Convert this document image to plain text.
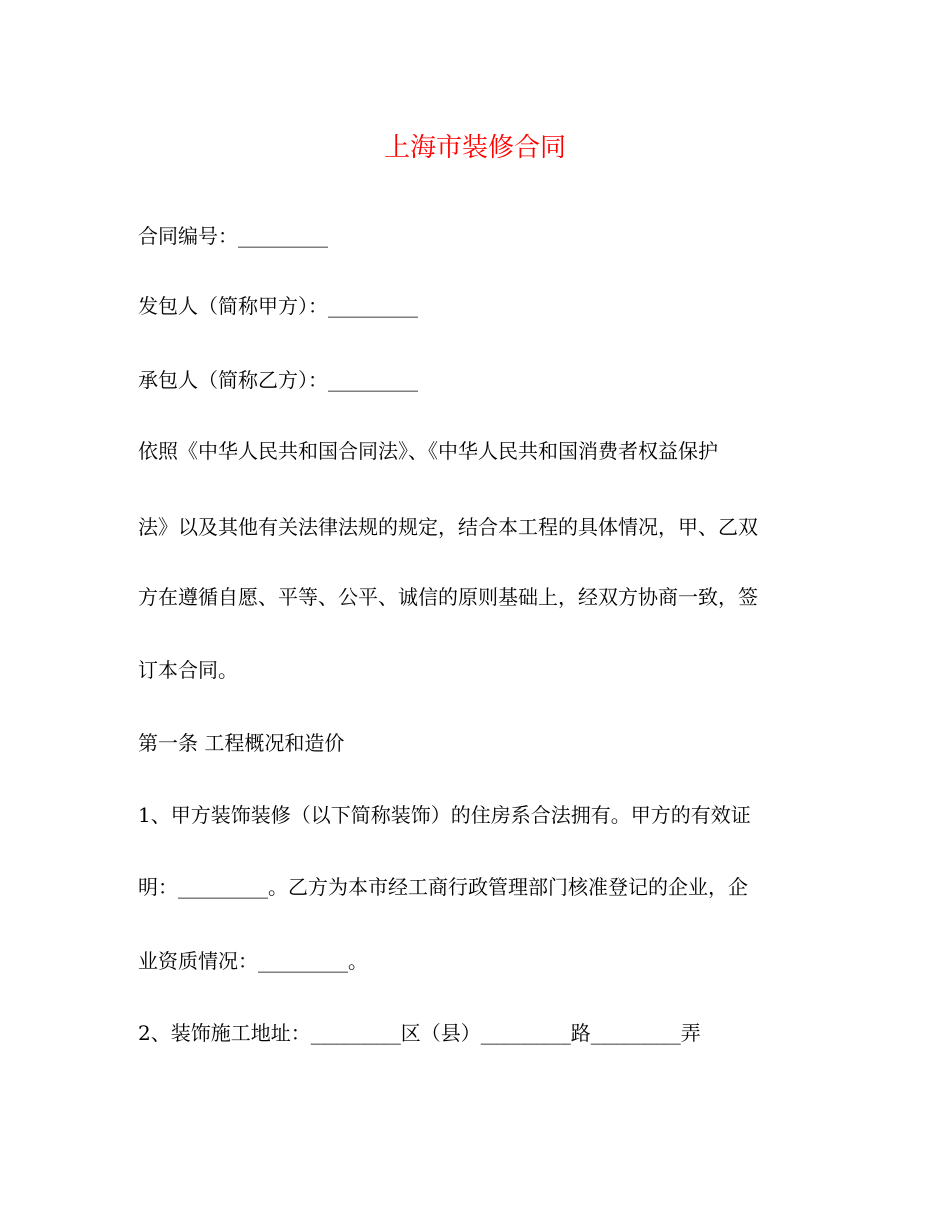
上海市装修合同
合同编号：_________
发包人（简称甲方）：_________
承包人（简称乙方）：_________
依照《中华人民共和国合同法》、《中华人民共和国消费者权益保护
法》以及其他有关法律法规的规定，结合本工程的具体情况，甲、乙双
方在遵循自愿、平等、公平、诚信的原则基础上，经双方协商一致，签
订本合同。
第一条 工程概况和造价
1、甲方装饰装修（以下简称装饰）的住房系合法拥有。甲方的有效证
明：_________。乙方为本市经工商行政管理部门核准登记的企业，企
业资质情况：_________。
2、装饰施工地址：_________区（县）_________路_________弄
